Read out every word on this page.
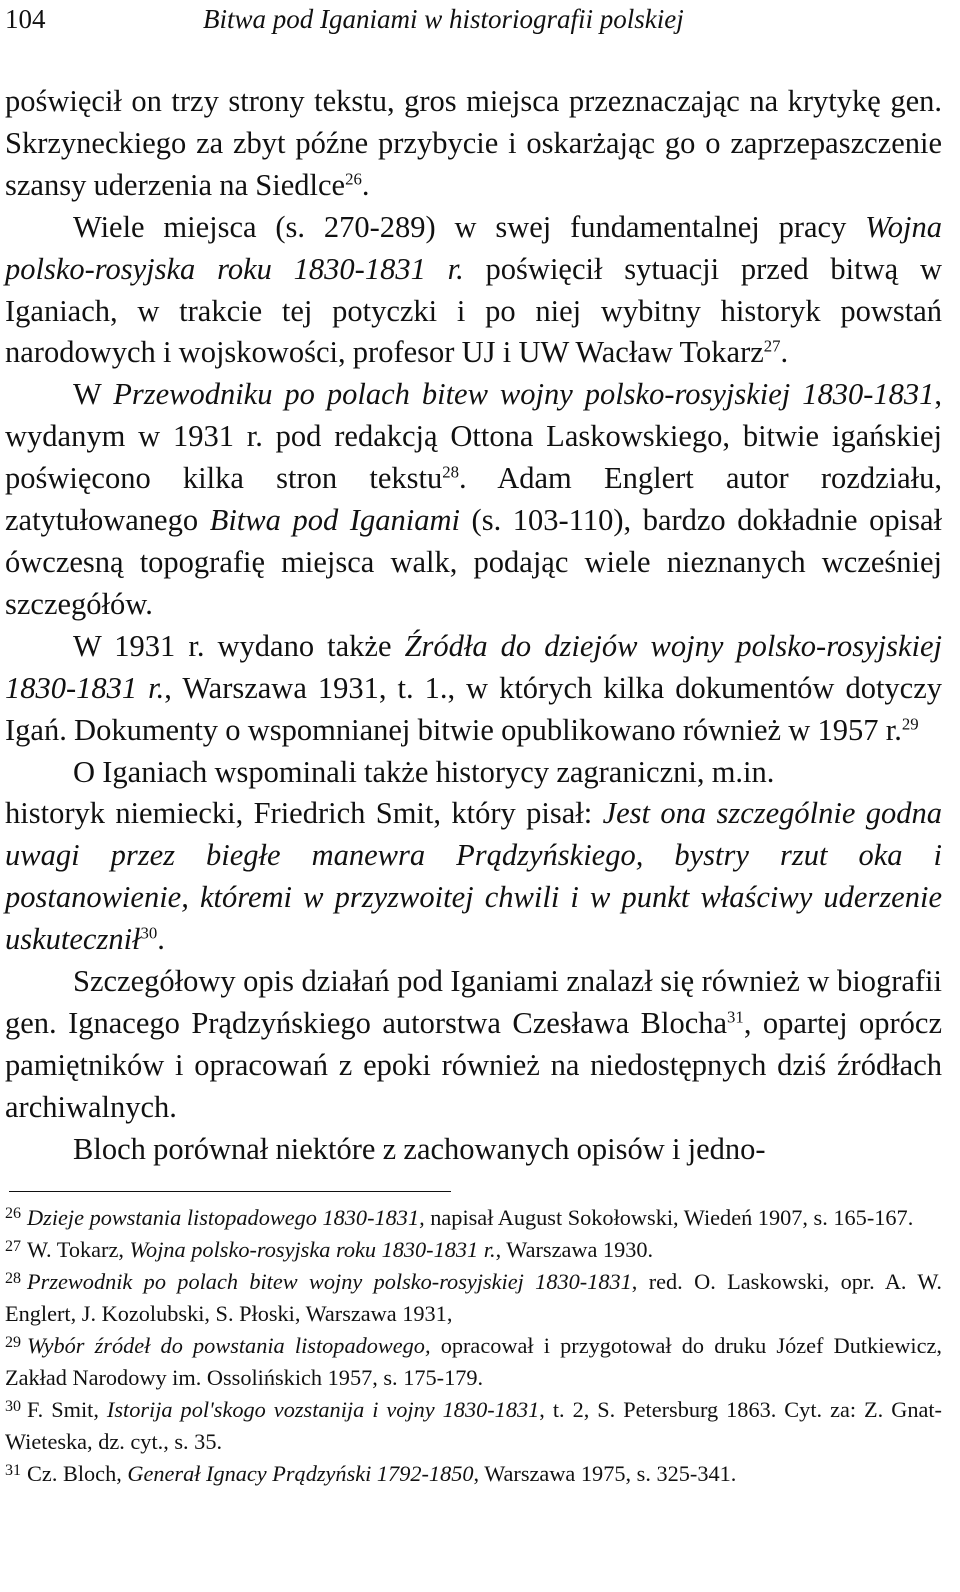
104	Bitwa pod Iganiami w historiografii polskiej

poświęcił on trzy strony tekstu, gros miejsca przeznaczając na krytykę gen. Skrzyneckiego za zbyt późne przybycie i oskarżając go o zaprzepaszczenie szansy uderzenia na Siedlce$^{26}$.

Wiele miejsca (s. 270-289) w swej fundamentalnej pracy Wojna polsko-rosyjska roku 1830-1831 r. poświęcił sytuacji przed bitwą w Iganiach, w trakcie tej potyczki i po niej wybitny historyk powstań narodowych i wojskowości, profesor UJ i UW Wacław Tokarz$^{27}$.

W Przewodniku po polach bitew wojny polsko-rosyjskiej 1830-1831, wydanym w 1931 r. pod redakcją Ottona Laskowskiego, bitwie igańskiej poświęcono kilka stron tekstu$^{28}$. Adam Englert autor rozdziału, zatytułowanego Bitwa pod Iganiami (s. 103-110), bardzo dokładnie opisał ówczesną topografię miejsca walk, podając wiele nieznanych wcześniej szczegółów.

W 1931 r. wydano także Źródła do dziejów wojny polsko-rosyjskiej 1830-1831 r., Warszawa 1931, t. 1., w których kilka dokumentów dotyczy Igań. Dokumenty o wspomnianej bitwie opublikowano również w 1957 r.$^{29}$

O Iganiach wspominali także historycy zagraniczni, m.in.

historyk niemiecki, Friedrich Smit, który pisał: Jest ona szczególnie godna uwagi przez biegłe manewra Prądzyńskiego, bystry rzut oka i postanowienie, któremi w przyzwoitej chwili i w punkt właściwy uderzenie uskutecznił$^{30}$.

Szczegółowy opis działań pod Iganiami znalazł się również w biografii gen. Ignacego Prądzyńskiego autorstwa Czesława Blocha$^{31}$, opartej oprócz pamiętników i opracowań z epoki również na niedostępnych dziś źródłach archiwalnych.

Bloch porównał niektóre z zachowanych opisów i jedno-

$^{26}$ Dzieje powstania listopadowego 1830-1831, napisał August Sokołowski, Wiedeń 1907, s. 165-167.

$^{27}$ W. Tokarz, Wojna polsko-rosyjska roku 1830-1831 r., Warszawa 1930.

$^{28}$ Przewodnik po polach bitew wojny polsko-rosyjskiej 1830-1831, red. O. Laskowski, opr. A. W. Englert, J. Kozolubski, S. Płoski, Warszawa 1931,

$^{29}$ Wybór źródeł do powstania listopadowego, opracował i przygotował do druku Józef Dutkiewicz, Zakład Narodowy im. Ossolińskich 1957, s. 175-179.

$^{30}$ F. Smit, Istorija pol'skogo vozstanija i vojny 1830-1831, t. 2, S. Petersburg 1863. Cyt. za: Z. Gnat-Wieteska, dz. cyt., s. 35.

$^{31}$ Cz. Bloch, Generał Ignacy Prądzyński 1792-1850, Warszawa 1975, s. 325-341.
